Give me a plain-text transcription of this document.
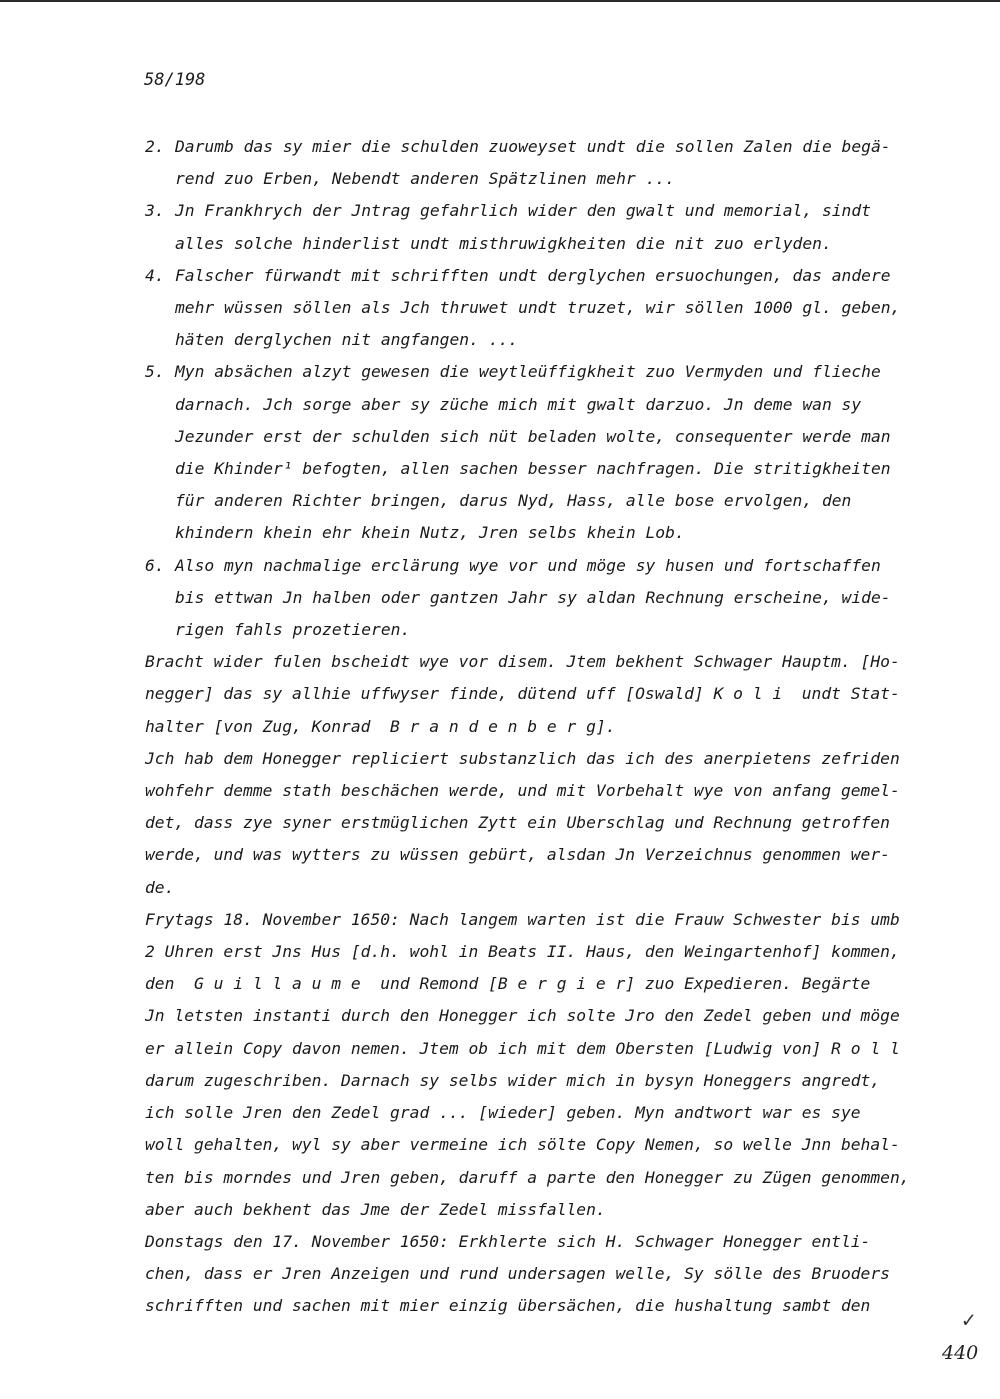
58/198
2. Darumb das sy mier die schulden zuoweyset undt die sollen Zalen die begä-
rend zuo Erben, Nebendt anderen Spätzlinen mehr ...
3. Jn Frankhrych der Jntrag gefahrlich wider den gwalt und memorial, sindt
alles solche hinderlist undt misthruwigkheiten die nit zuo erlyden.
4. Falscher fürwandt mit schrifften undt derglychen ersuochungen, das andere
mehr wüssen söllen als Jch thruwet undt truzet, wir söllen 1000 gl. geben,
häten derglychen nit angfangen. ...
5. Myn absächen alzyt gewesen die weytleüffigkheit zuo Vermyden und flieche
darnach. Jch sorge aber sy züche mich mit gwalt darzuo. Jn deme wan sy
Jezunder erst der schulden sich nüt beladen wolte, consequenter werde man
die Khinder¹ befogten, allen sachen besser nachfragen. Die stritigkheiten
für anderen Richter bringen, darus Nyd, Hass, alle bose ervolgen, den
khindern khein ehr khein Nutz, Jren selbs khein Lob.
6. Also myn nachmalige erclärung wye vor und möge sy husen und fortschaffen
bis ettwan Jn halben oder gantzen Jahr sy aldan Rechnung erscheine, wide-
rigen fahls prozetieren.
Bracht wider fulen bscheidt wye vor disem. Jtem bekhent Schwager Hauptm. [Ho-
negger] das sy allhie uffwyser finde, dütend uff [Oswald] K o l i  undt Stat-
halter [von Zug, Konrad  B r a n d e n b e r g].
Jch hab dem Honegger repliciert substanzlich das ich des anerpietens zefriden
wohfehr demme stath beschächen werde, und mit Vorbehalt wye von anfang gemel-
det, dass zye syner erstmüglichen Zytt ein Uberschlag und Rechnung getroffen
werde, und was wytters zu wüssen gebürt, alsdan Jn Verzeichnus genommen wer-
de.
Frytags 18. November 1650: Nach langem warten ist die Frauw Schwester bis umb
2 Uhren erst Jns Hus [d.h. wohl in Beats II. Haus, den Weingartenhof] kommen,
den  G u i l l a u m e  und Remond [B e r g i e r] zuo Expedieren. Begärte
Jn letsten instanti durch den Honegger ich solte Jro den Zedel geben und möge
er allein Copy davon nemen. Jtem ob ich mit dem Obersten [Ludwig von] R o l l
darum zugeschriben. Darnach sy selbs wider mich in bysyn Honeggers angredt,
ich solle Jren den Zedel grad ... [wieder] geben. Myn andtwort war es sye
woll gehalten, wyl sy aber vermeine ich sölte Copy Nemen, so welle Jnn behal-
ten bis morndes und Jren geben, daruff a parte den Honegger zu Zügen genommen,
aber auch bekhent das Jme der Zedel missfallen.
Donstags den 17. November 1650: Erkhlerte sich H. Schwager Honegger entli-
chen, dass er Jren Anzeigen und rund undersagen welle, Sy sölle des Bruoders
schrifften und sachen mit mier einzig übersächen, die hushaltung sambt den
✓
440
